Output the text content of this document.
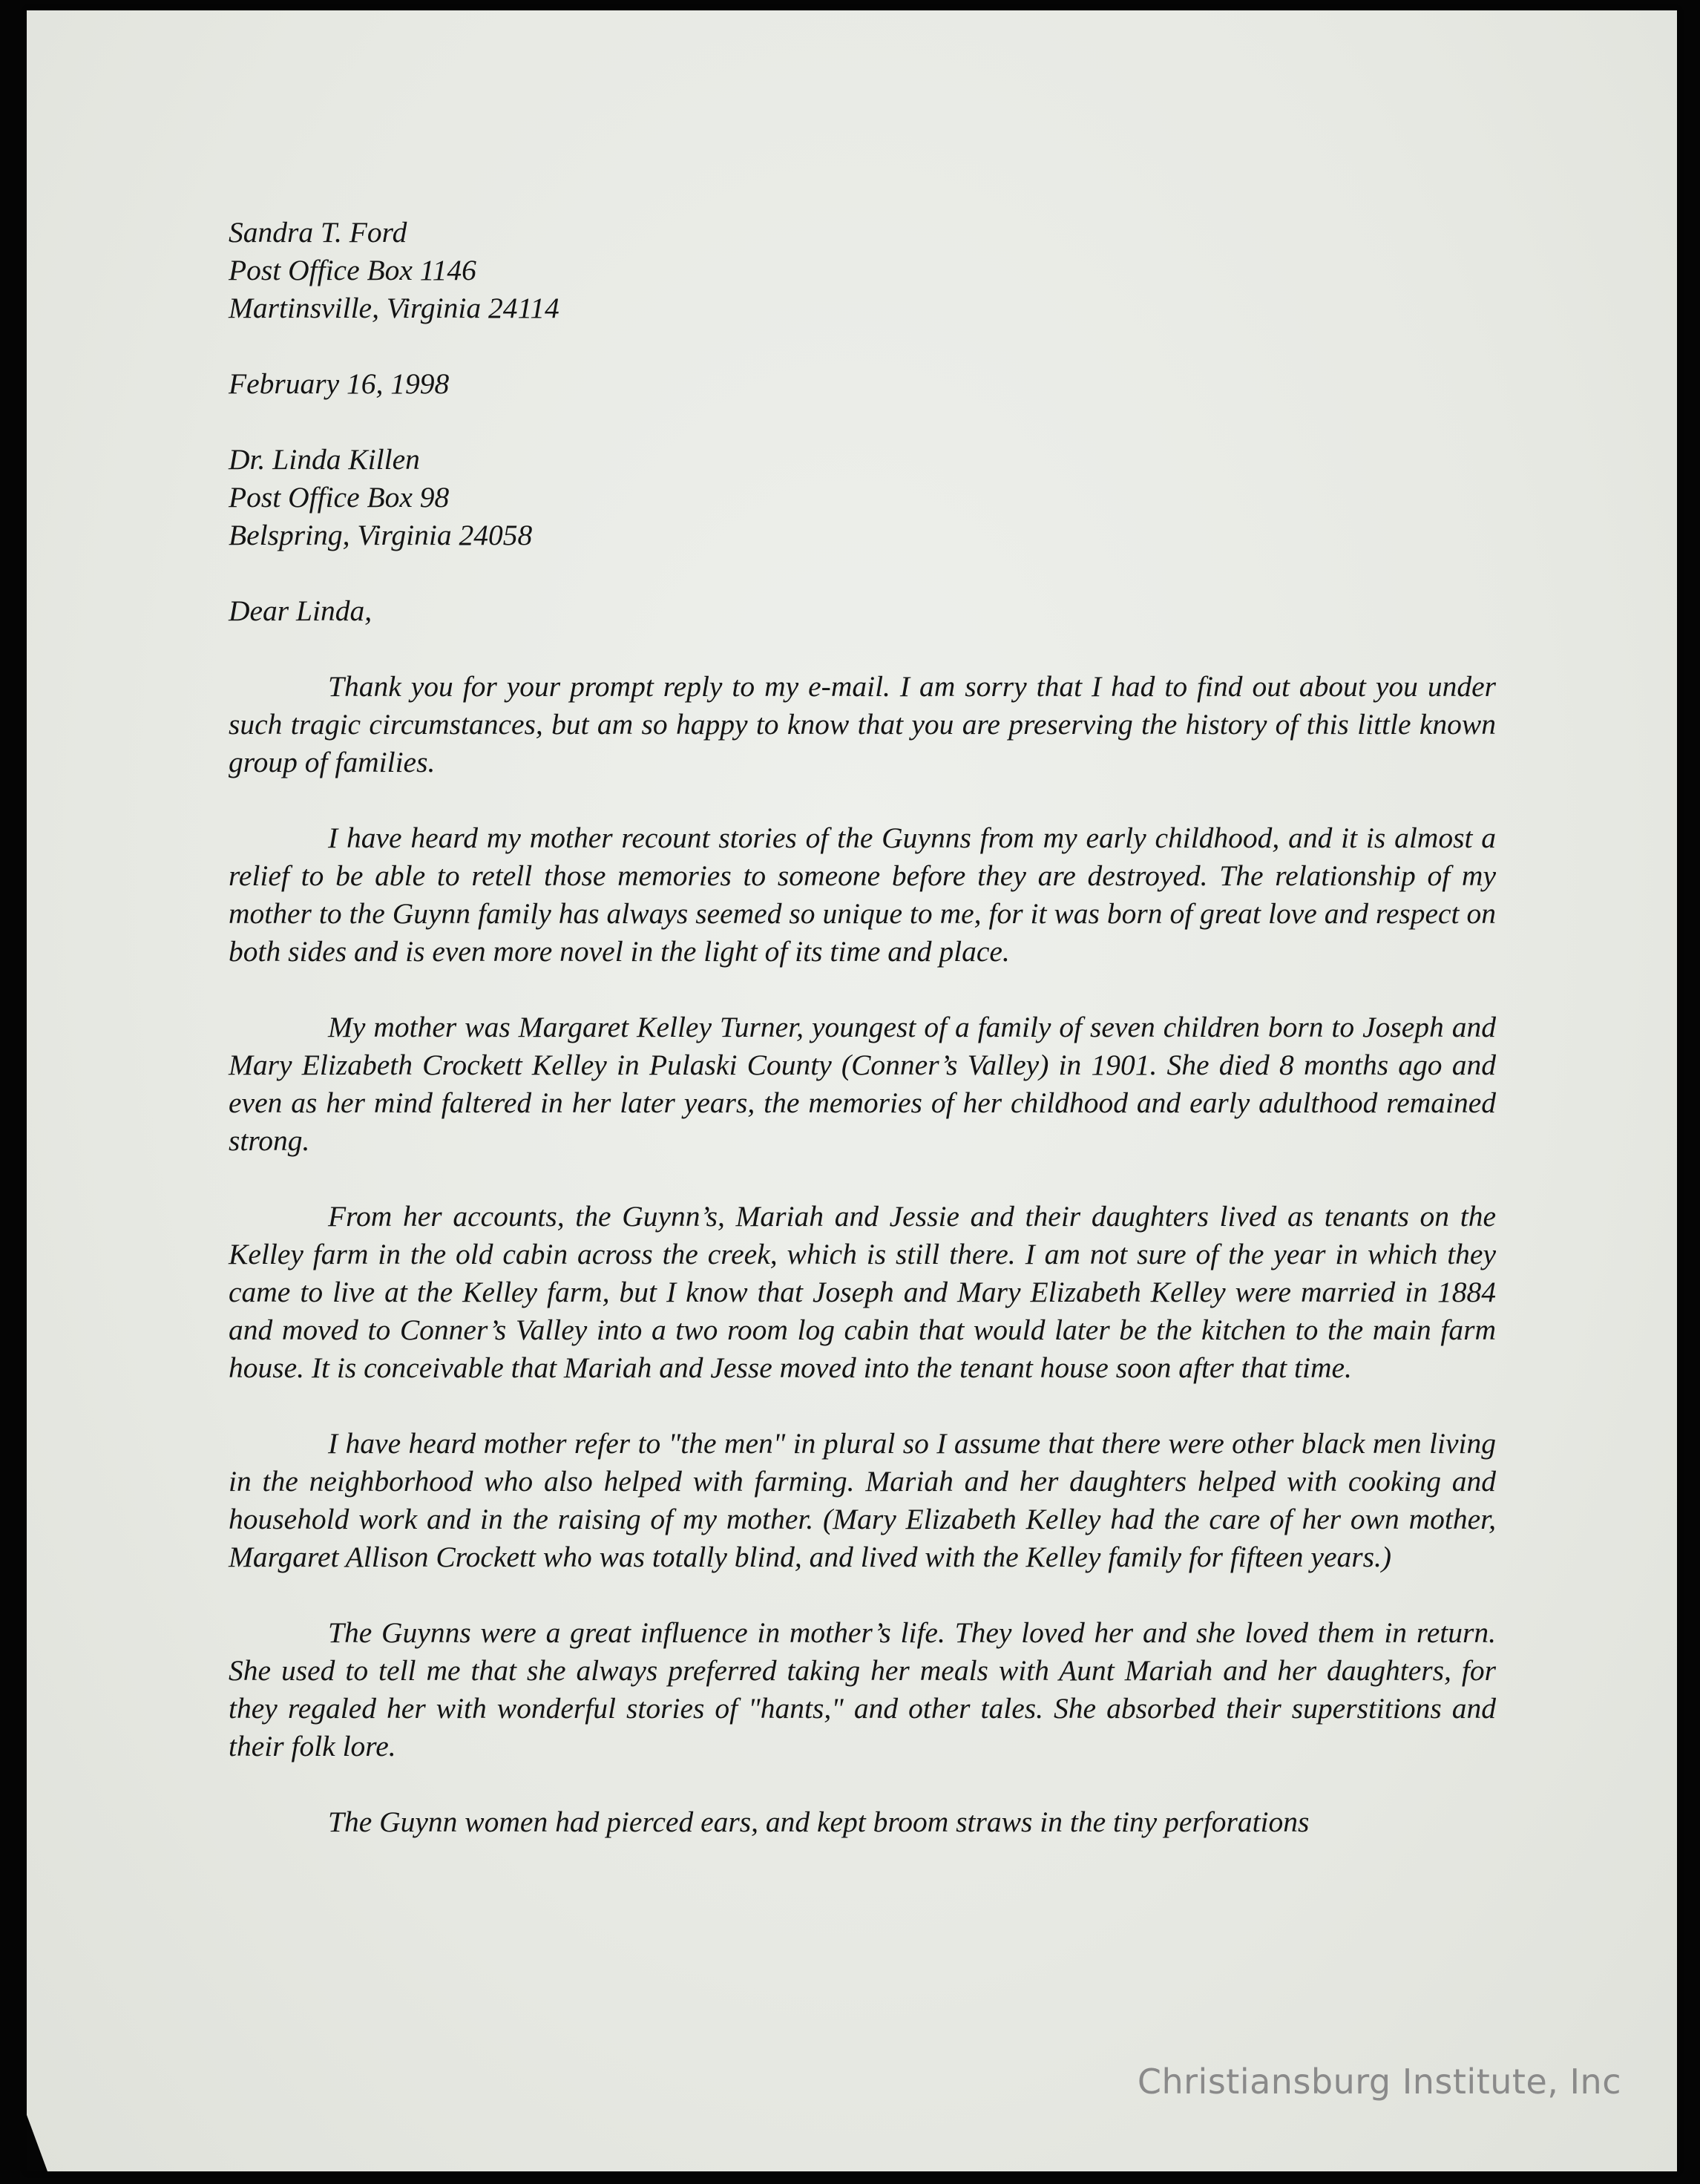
Sandra T. Ford
Post Office Box 1146
Martinsville, Virginia 24114
February 16, 1998
Dr. Linda Killen
Post Office Box 98
Belspring, Virginia 24058
Dear Linda,

Thank you for your prompt reply to my e-mail. I am sorry that I had to find out about you under such tragic circumstances, but am so happy to know that you are preserving the history of this little known group of families.

I have heard my mother recount stories of the Guynns from my early childhood, and it is almost a relief to be able to retell those memories to someone before they are destroyed. The relationship of my mother to the Guynn family has always seemed so unique to me, for it was born of great love and respect on both sides and is even more novel in the light of its time and place.

My mother was Margaret Kelley Turner, youngest of a family of seven children born to Joseph and Mary Elizabeth Crockett Kelley in Pulaski County (Conner’s Valley) in 1901. She died 8 months ago and even as her mind faltered in her later years, the memories of her childhood and early adulthood remained strong.

From her accounts, the Guynn’s, Mariah and Jessie and their daughters lived as tenants on the Kelley farm in the old cabin across the creek, which is still there. I am not sure of the year in which they came to live at the Kelley farm, but I know that Joseph and Mary Elizabeth Kelley were married in 1884 and moved to Conner’s Valley into a two room log cabin that would later be the kitchen to the main farm house. It is conceivable that Mariah and Jesse moved into the tenant house soon after that time.

I have heard mother refer to "the men" in plural so I assume that there were other black men living in the neighborhood who also helped with farming. Mariah and her daughters helped with cooking and household work and in the raising of my mother. (Mary Elizabeth Kelley had the care of her own mother, Margaret Allison Crockett who was totally blind, and lived with the Kelley family for fifteen years.)

The Guynns were a great influence in mother’s life. They loved her and she loved them in return. She used to tell me that she always preferred taking her meals with Aunt Mariah and her daughters, for they regaled her with wonderful stories of "hants," and other tales. She absorbed their superstitions and their folk lore.

The Guynn women had pierced ears, and kept broom straws in the tiny perforations

Christiansburg Institute, Inc
